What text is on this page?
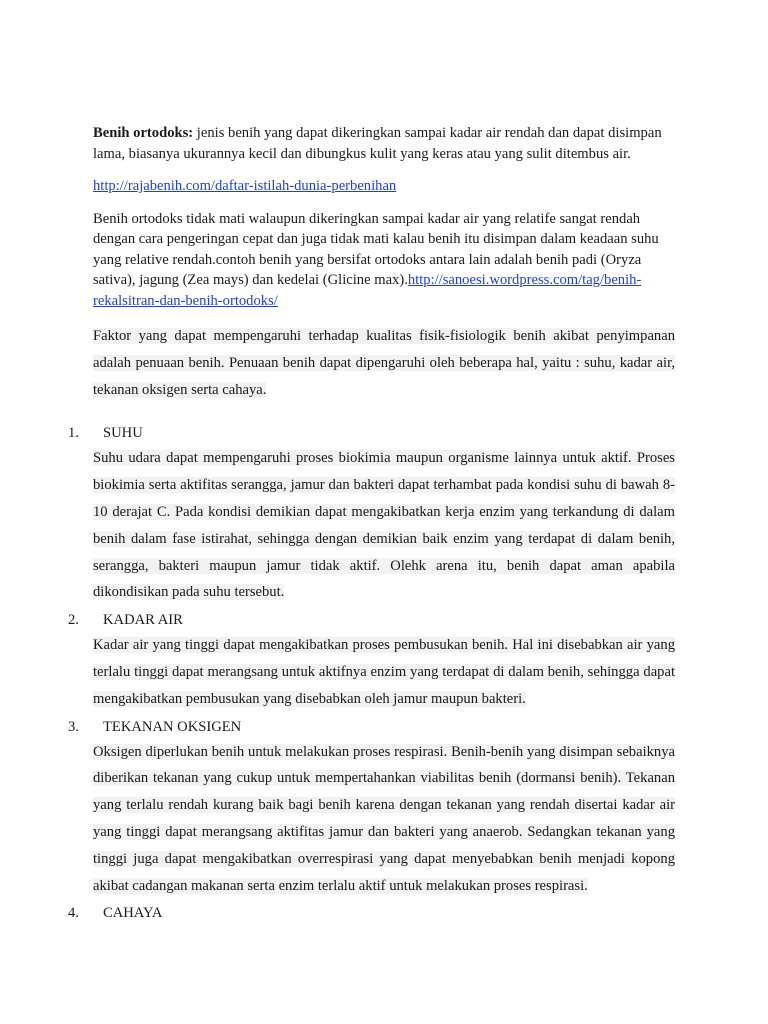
Benih ortodoks: jenis benih yang dapat dikeringkan sampai kadar air rendah dan dapat disimpan lama, biasanya ukurannya kecil dan dibungkus kulit yang keras atau yang sulit ditembus air.

http://rajabenih.com/daftar-istilah-dunia-perbenihan

Benih ortodoks tidak mati walaupun dikeringkan sampai kadar air yang relatife sangat rendah dengan cara pengeringan cepat dan juga tidak mati kalau benih itu disimpan dalam keadaan suhu yang relative rendah.contoh benih yang bersifat ortodoks antara lain adalah benih padi (Oryza sativa), jagung (Zea mays) dan kedelai (Glicine max).http://sanoesi.wordpress.com/tag/benih-rekalsitran-dan-benih-ortodoks/

Faktor yang dapat mempengaruhi terhadap kualitas fisik-fisiologik benih akibat penyimpanan adalah penuaan benih. Penuaan benih dapat dipengaruhi oleh beberapa hal, yaitu : suhu, kadar air, tekanan oksigen serta cahaya.

1. SUHU

Suhu udara dapat mempengaruhi proses biokimia maupun organisme lainnya untuk aktif. Proses biokimia serta aktifitas serangga, jamur dan bakteri dapat terhambat pada kondisi suhu di bawah 8-10 derajat C. Pada kondisi demikian dapat mengakibatkan kerja enzim yang terkandung di dalam benih dalam fase istirahat, sehingga dengan demikian baik enzim yang terdapat di dalam benih, serangga, bakteri maupun jamur tidak aktif. Olehk arena itu, benih dapat aman apabila dikondisikan pada suhu tersebut.

2. KADAR AIR

Kadar air yang tinggi dapat mengakibatkan proses pembusukan benih. Hal ini disebabkan air yang terlalu tinggi dapat merangsang untuk aktifnya enzim yang terdapat di dalam benih, sehingga dapat mengakibatkan pembusukan yang disebabkan oleh jamur maupun bakteri.

3. TEKANAN OKSIGEN

Oksigen diperlukan benih untuk melakukan proses respirasi. Benih-benih yang disimpan sebaiknya diberikan tekanan yang cukup untuk mempertahankan viabilitas benih (dormansi benih). Tekanan yang terlalu rendah kurang baik bagi benih karena dengan tekanan yang rendah disertai kadar air yang tinggi dapat merangsang aktifitas jamur dan bakteri yang anaerob. Sedangkan tekanan yang tinggi juga dapat mengakibatkan overrespirasi yang dapat menyebabkan benih menjadi kopong akibat cadangan makanan serta enzim terlalu aktif untuk melakukan proses respirasi.

4. CAHAYA
